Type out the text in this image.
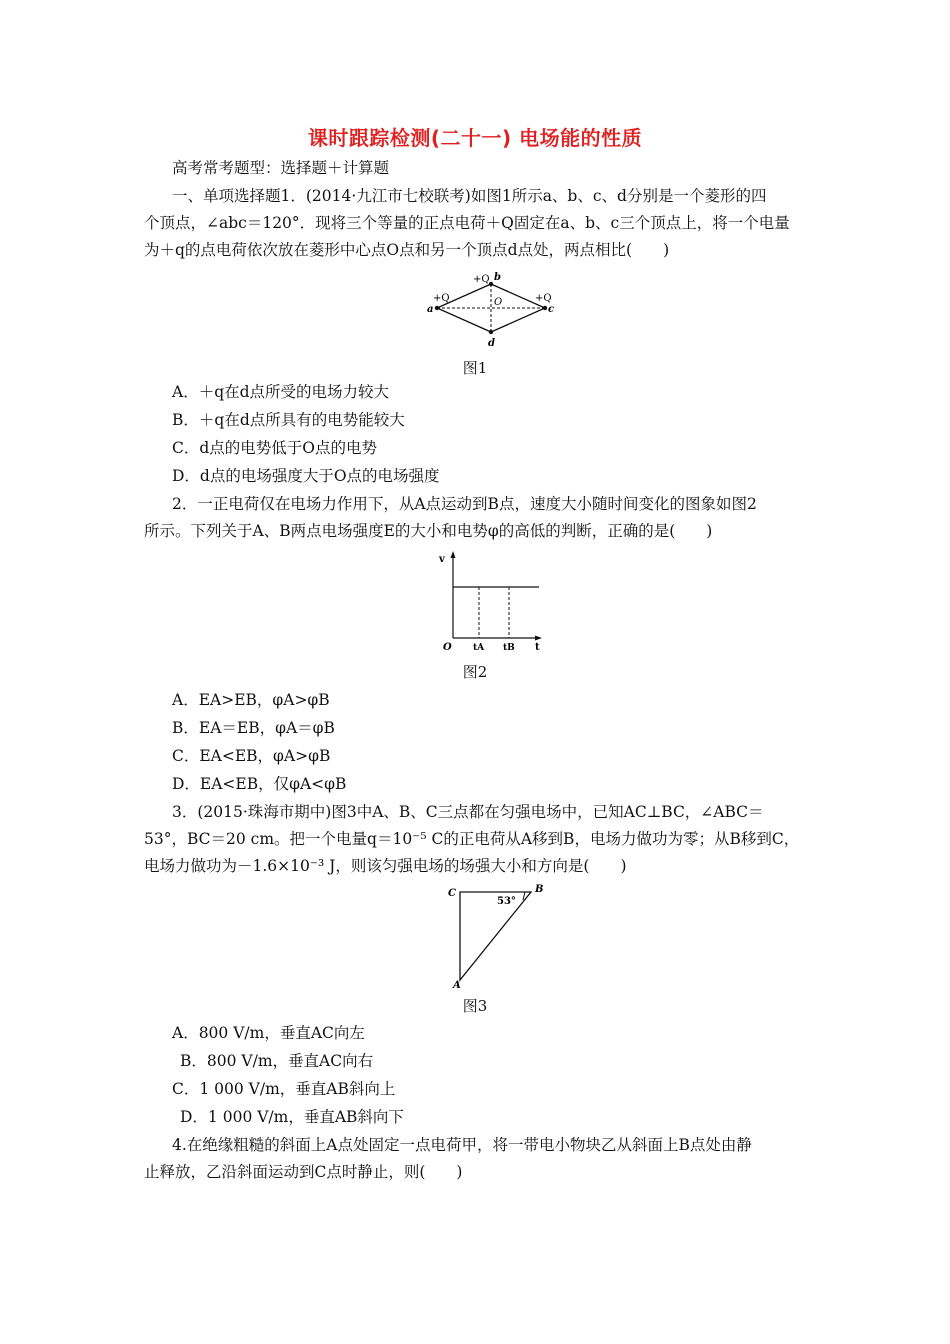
课时跟踪检测(二十一) 电场能的性质
高考常考题型：选择题＋计算题
一、单项选择题1．(2014·九江市七校联考)如图1所示a、b、c、d分别是一个菱形的四
个顶点，∠abc＝120°．现将三个等量的正点电荷＋Q固定在a、b、c三个顶点上，将一个电量
为＋q的点电荷依次放在菱形中心点O点和另一个顶点d点处，两点相比(　　)
+Q
+Q	+Q
a
b
c
d
O
图1
A．＋q在d点所受的电场力较大
B．＋q在d点所具有的电势能较大
C．d点的电势低于O点的电势
D．d点的电场强度大于O点的电场强度
2．一正电荷仅在电场力作用下，从A点运动到B点，速度大小随时间变化的图象如图2
所示。下列关于A、B两点电场强度E的大小和电势φ的高低的判断，正确的是(　　)
v
O tA tB t
图2
A．EA>EB，φA>φB
B．EA＝EB，φA＝φB
C．EA<EB，φA>φB
D．EA<EB，仅φA<φB
3．(2015·珠海市期中)图3中A、B、C三点都在匀强电场中，已知AC⊥BC，∠ABC＝
53°，BC＝20 cm。把一个电量q＝10⁻⁵ C的正电荷从A移到B，电场力做功为零；从B移到C，
电场力做功为－1.6×10⁻³ J，则该匀强电场的场强大小和方向是(　　)
C	B
A
53°
图3
A．800 V/m，垂直AC向左
B．800 V/m，垂直AC向右
C．1 000 V/m，垂直AB斜向上
D．1 000 V/m，垂直AB斜向下
4.在绝缘粗糙的斜面上A点处固定一点电荷甲，将一带电小物块乙从斜面上B点处由静
止释放，乙沿斜面运动到C点时静止，则(　　)
